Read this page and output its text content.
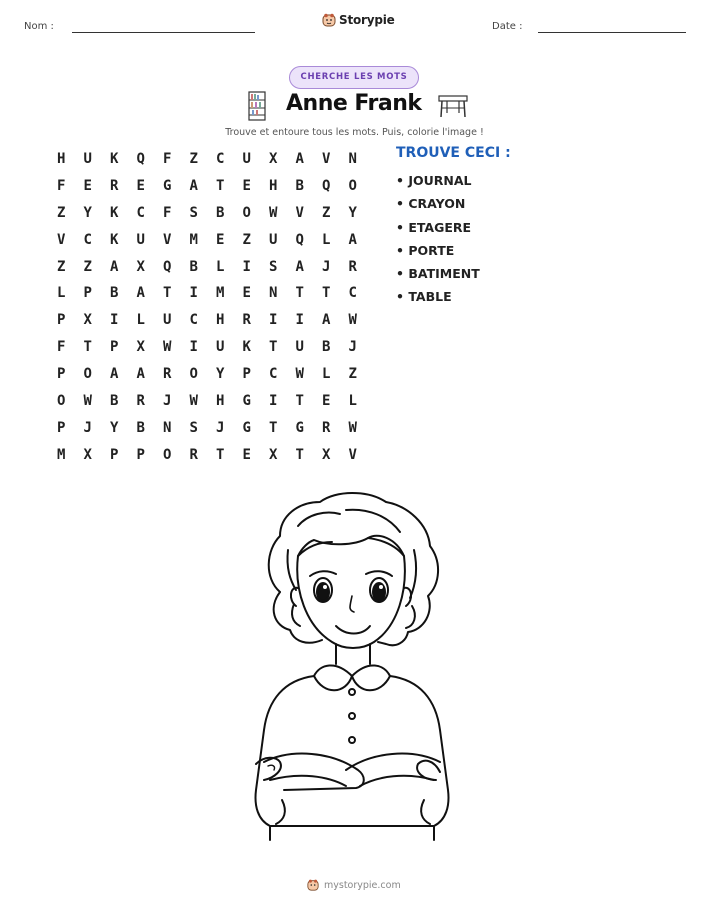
Nom :	Storypie	Date :
CHERCHE LES MOTS
Anne Frank
Trouve et entoure tous les mots. Puis, colorie l'image !
H	U	K	Q	F	Z	C	U	X	A	V	N
F	E	R	E	G	A	T	E	H	B	Q	O
Z	Y	K	C	F	S	B	O	W	V	Z	Y
V	C	K	U	V	M	E	Z	U	Q	L	A
Z	Z	A	X	Q	B	L	I	S	A	J	R
L	P	B	A	T	I	M	E	N	T	T	C
P	X	I	L	U	C	H	R	I	I	A	W
F	T	P	X	W	I	U	K	T	U	B	J
P	O	A	A	R	O	Y	P	C	W	L	Z
O	W	B	R	J	W	H	G	I	T	E	L
P	J	Y	B	N	S	J	G	T	G	R	W
M	X	P	P	O	R	T	E	X	T	X	V
TROUVE CECI :
• JOURNAL
• CRAYON
• ETAGERE
• PORTE
• BATIMENT
• TABLE
mystorypie.com
